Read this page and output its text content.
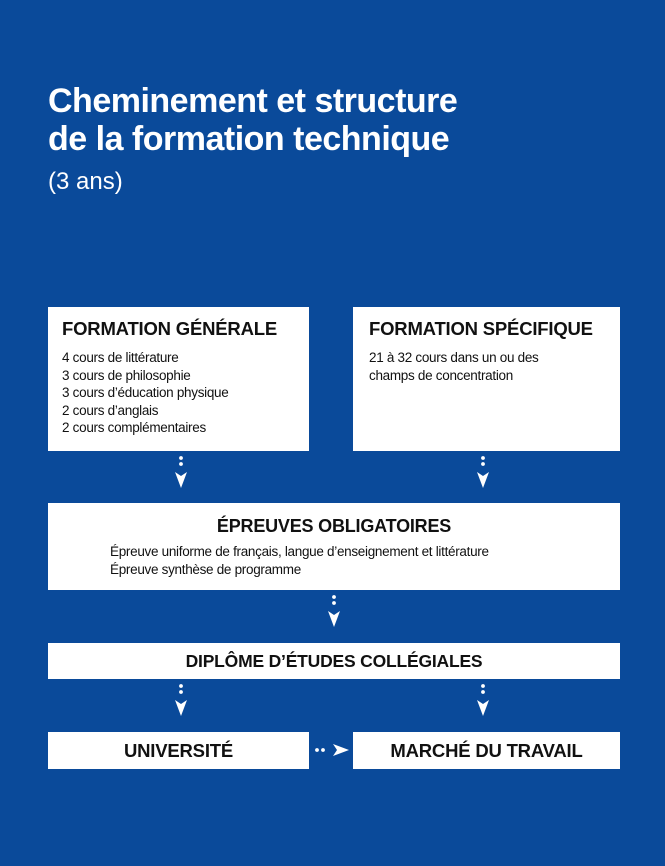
Cheminement et structure
de la formation technique
(3 ans)
FORMATION GÉNÉRALE
4 cours de littérature
3 cours de philosophie
3 cours d’éducation physique
2 cours d’anglais
2 cours complémentaires
FORMATION SPÉCIFIQUE
21 à 32 cours dans un ou des
champs de concentration
ÉPREUVES OBLIGATOIRES
Épreuve uniforme de français, langue d’enseignement et littérature
Épreuve synthèse de programme
DIPLÔME D’ÉTUDES COLLÉGIALES
UNIVERSITÉ	MARCHÉ DU TRAVAIL
